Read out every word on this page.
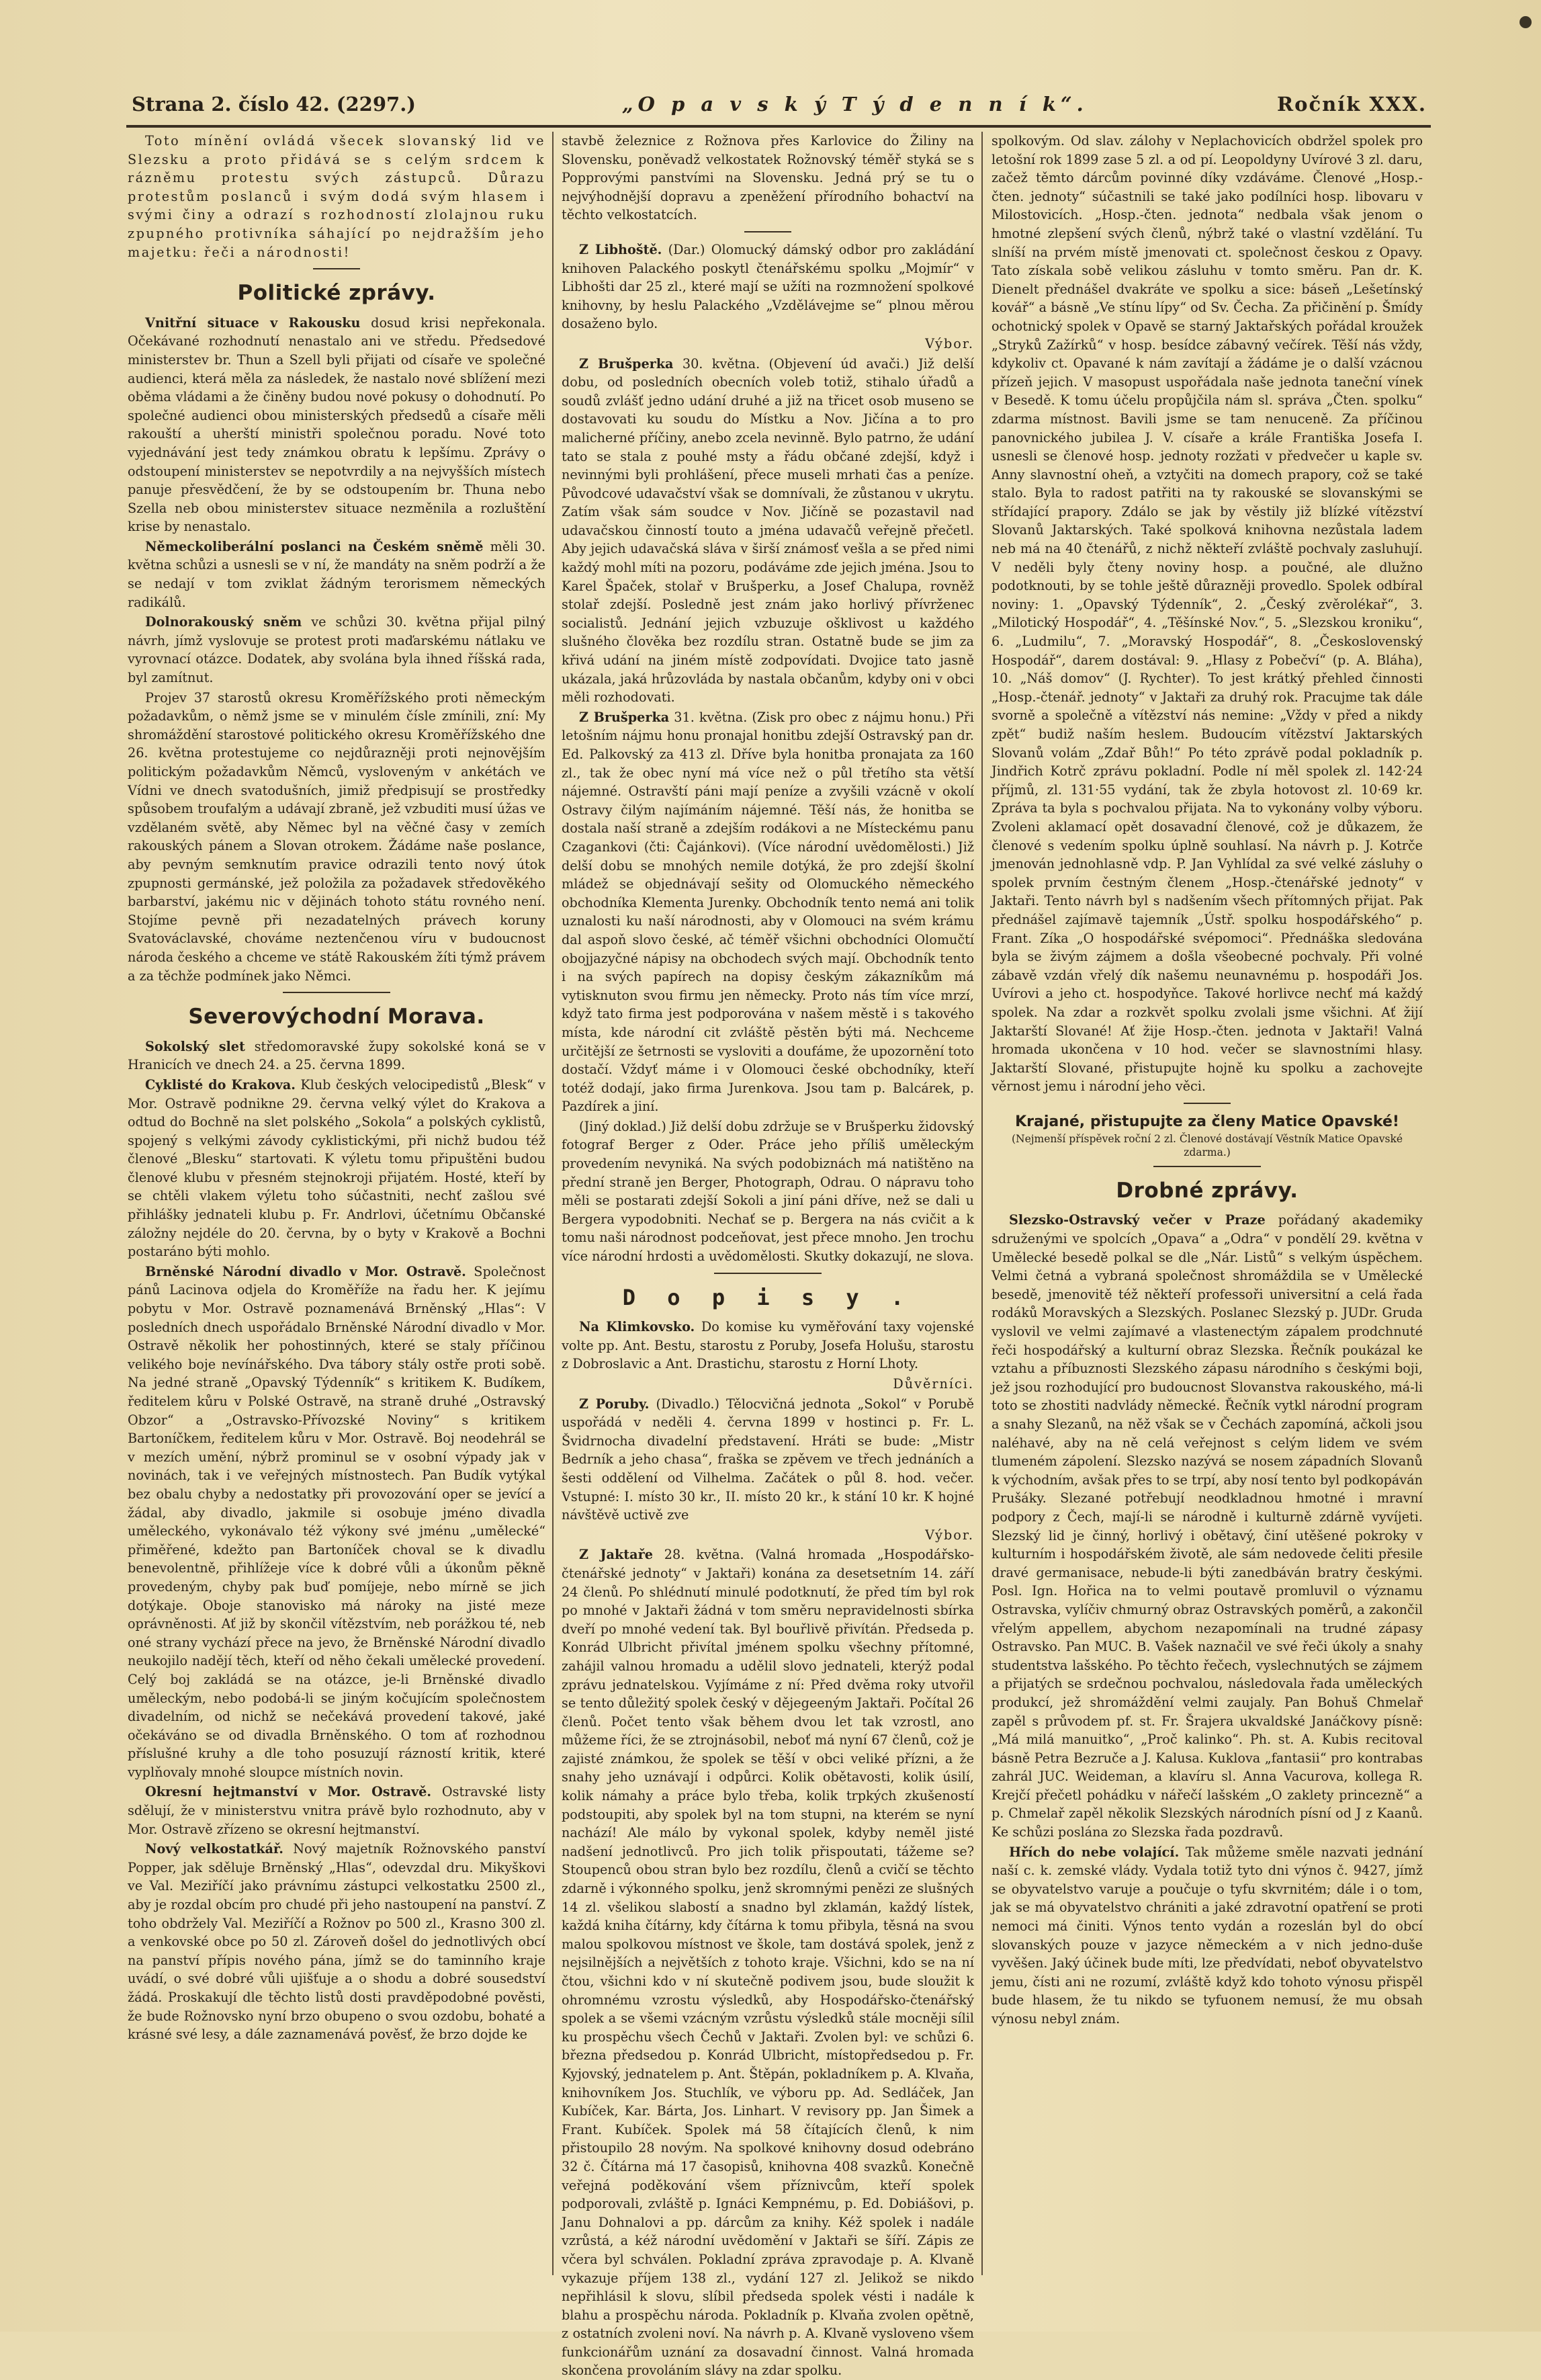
Strana 2. číslo 42. (2297.)	„O p a v s k ý T ý d e n n í k“.	Ročník XXX.

Toto mínění ovládá všecek slovanský lid ve Slezsku a proto přidává se s celým srdcem k rázněmu protestu svých zástupců. Důrazu protestům poslanců i svým dodá svým hlasem i svými činy a odrazí s rozhodností zlolajnou ruku zpupného protivníka sáhající po nejdražším jeho majetku: řeči a národnosti!

Politické zprávy.

Vnitřní situace v Rakousku dosud krisi nepřekonala. Očekávané rozhodnutí nenastalo ani ve středu. Předsedové ministerstev br. Thun a Szell byli přijati od císaře ve společné audienci, která měla za následek, že nastalo nové sblížení mezi oběma vládami a že činěny budou nové pokusy o dohodnutí. Po společné audienci obou ministerských předsedů a císaře měli rakouští a uherští ministři společnou poradu. Nové toto vyjednávání jest tedy známkou obratu k lepšímu. Zprávy o odstoupení ministerstev se nepotvrdily a na nejvyšších místech panuje přesvědčení, že by se odstoupením br. Thuna nebo Szella neb obou ministerstev situace nezměnila a rozluštění krise by nenastalo.

Německoliberální poslanci na Českém sněmě měli 30. května schůzi a usnesli se v ní, že mandáty na sněm podrží a že se nedají v tom zviklat žádným terorismem německých radikálů.

Dolnorakouský sněm ve schůzi 30. května přijal pilný návrh, jímž vyslovuje se protest proti maďarskému nátlaku ve vyrovnací otázce. Dodatek, aby svolána byla ihned říšská rada, byl zamítnut.

Projev 37 starostů okresu Kroměřížského proti německým požadavkům, o němž jsme se v minulém čísle zmínili, zní: My shromáždění starostové politického okresu Kroměřížského dne 26. května protestujeme co nejdůrazněji proti nejnovějším politickým požadavkům Němců, vysloveným v ankétách ve Vídni ve dnech svatodušních, jimiž předpisují se prostředky spůsobem troufalým a udávají zbraně, jež vzbuditi musí úžas ve vzdělaném světě, aby Němec byl na věčné časy v zemích rakouských pánem a Slovan otrokem. Žádáme naše poslance, aby pevným semknutím pravice odrazili tento nový útok zpupnosti germánské, jež položila za požadavek středověkého barbarství, jakému nic v dějinách tohoto státu rovného není. Stojíme pevně při nezadatelných právech koruny Svatováclavské, chováme neztenčenou víru v budoucnost národa českého a chceme ve státě Rakouském žíti týmž právem a za těchže podmínek jako Němci.

Severovýchodní Morava.

Sokolský slet středomoravské župy sokolské koná se v Hranicích ve dnech 24. a 25. června 1899.

Cyklisté do Krakova. Klub českých velocipedistů „Blesk“ v Mor. Ostravě podnikne 29. června velký výlet do Krakova a odtud do Bochně na slet polského „Sokola“ a polských cyklistů, spojený s velkými závody cyklistickými, při nichž budou též členové „Blesku“ startovati. K výletu tomu připuštěni budou členové klubu v přesném stejnokroji přijatém. Hosté, kteří by se chtěli vlakem výletu toho súčastniti, nechť zašlou své přihlášky jednateli klubu p. Fr. Andrlovi, účetnímu Občanské záložny nejdéle do 20. června, by o byty v Krakově a Bochni postaráno býti mohlo.

Brněnské Národní divadlo v Mor. Ostravě. Společnost pánů Lacinova odjela do Kroměříže na řadu her. K jejímu pobytu v Mor. Ostravě poznamenává Brněnský „Hlas“: V posledních dnech uspořádalo Brněnské Národní divadlo v Mor. Ostravě několik her pohostinných, které se staly příčinou velikého boje nevínářského. Dva tábory stály ostře proti sobě. Na jedné straně „Opavský Týdenník“ s kritikem K. Budíkem, ředitelem kůru v Polské Ostravě, na straně druhé „Ostravský Obzor“ a „Ostravsko-Přívozské Noviny“ s kritikem Bartoníčkem, ředitelem kůru v Mor. Ostravě. Boj neodehrál se v mezích umění, nýbrž prominul se v osobní výpady jak v novinách, tak i ve veřejných místnostech. Pan Budík vytýkal bez obalu chyby a nedostatky při provozování oper se jevící a žádal, aby divadlo, jakmile si osobuje jméno divadla uměleckého, vykonávalo též výkony své jménu „umělecké“ přiměřené, kdežto pan Bartoníček choval se k divadlu benevolentně, přihlížeje více k dobré vůli a úkonům pěkně provedeným, chyby pak buď pomíjeje, nebo mírně se jich dotýkaje. Oboje stanovisko má nároky na jisté meze oprávněnosti. Ať již by skončil vítězstvím, neb porážkou té, neb oné strany vychází přece na jevo, že Brněnské Národní divadlo neukojilo nadějí těch, kteří od něho čekali umělecké provedení. Celý boj zakládá se na otázce, je-li Brněnské divadlo uměleckým, nebo podobá-li se jiným kočujícím společnostem divadelním, od nichž se nečekává provedení takové, jaké očekáváno se od divadla Brněnského. O tom ať rozhodnou příslušné kruhy a dle toho posuzují rázností kritik, které vyplňovaly mnohé sloupce místních novin.

Okresní hejtmanství v Mor. Ostravě. Ostravské listy sdělují, že v ministerstvu vnitra právě bylo rozhodnuto, aby v Mor. Ostravě zřízeno se okresní hejtmanství.

Nový velkostatkář. Nový majetník Rožnovského panství Popper, jak sděluje Brněnský „Hlas“, odevzdal dru. Mikyškovi ve Val. Meziříčí jako právnímu zástupci velkostatku 2500 zl., aby je rozdal obcím pro chudé při jeho nastoupení na panství. Z toho obdržely Val. Meziříčí a Rožnov po 500 zl., Krasno 300 zl. a venkovské obce po 50 zl. Zároveň došel do jednotlivých obcí na panství přípis nového pána, jímž se do taminního kraje uvádí, o své dobré vůli ujišťuje a o shodu a dobré sousedství žádá. Proskakují dle těchto listů dosti pravděpodobné pověsti, že bude Rožnovsko nyní brzo obupeno o svou ozdobu, bohaté a krásné své lesy, a dále zaznamenává pověsť, že brzo dojde ke

stavbě železnice z Rožnova přes Karlovice do Žiliny na Slovensku, poněvadž velkostatek Rožnovský téměř styká se s Popprovými panstvími na Slovensku. Jedná prý se tu o nejvýhodnější dopravu a zpeněžení přírodního bohactví na těchto velkostatcích.

Z Libhoště. (Dar.) Olomucký dámský odbor pro zakládání knihoven Palackého poskytl čtenářskému spolku „Mojmír“ v Libhošti dar 25 zl., které mají se užíti na rozmnožení spolkové knihovny, by heslu Palackého „Vzdělávejme se“ plnou měrou dosaženo bylo.

Výbor.

Z Brušperka 30. května. (Objevení úd avači.) Již delší dobu, od posledních obecních voleb totiž, stihalo úřadů a soudů zvlášť jedno udání druhé a již na třicet osob museno se dostavovati ku soudu do Místku a Nov. Jičína a to pro malicherné příčiny, anebo zcela nevinně. Bylo patrno, že udání tato se stala z pouhé msty a řádu občané zdejší, když i nevinnými byli prohlášení, přece museli mrhati čas a peníze. Původcové udavačství však se domnívali, že zůstanou v ukrytu. Zatím však sám soudce v Nov. Jičíně se pozastavil nad udavačskou činností touto a jména udavačů veřejně přečetl. Aby jejich udavačská sláva v širší známosť vešla a se před nimi každý mohl míti na pozoru, podáváme zde jejich jména. Jsou to Karel Špaček, stolař v Brušperku, a Josef Chalupa, rovněž stolař zdejší. Posledně jest znám jako horlivý přívrženec socialistů. Jednání jejich vzbuzuje ošklivost u každého slušného člověka bez rozdílu stran. Ostatně bude se jim za křivá udání na jiném místě zodpovídati. Dvojice tato jasně ukázala, jaká hrůzovláda by nastala občanům, kdyby oni v obci měli rozhodovati.

Z Brušperka 31. května. (Zisk pro obec z nájmu honu.) Při letošním nájmu honu pronajal honitbu zdejší Ostravský pan dr. Ed. Palkovský za 413 zl. Dříve byla honitba pronajata za 160 zl., tak že obec nyní má více než o půl třetího sta větší nájemné. Ostravští páni mají peníze a zvyšili vzácně v okolí Ostravy čilým najímáním nájemné. Těší nás, že honitba se dostala naší straně a zdejším rodákovi a ne Místeckému panu Czagankovi (čti: Čajánkovi). (Více národní uvědomělosti.) Již delší dobu se mnohých nemile dotýká, že pro zdejší školní mládež se objednávají sešity od Olomuckého německého obchodníka Klementa Jurenky. Obchodník tento nemá ani tolik uznalosti ku naší národnosti, aby v Olomouci na svém krámu dal aspoň slovo české, ač téměř všichni obchodníci Olomučtí obojjazyčné nápisy na obchodech svých mají. Obchodník tento i na svých papírech na dopisy českým zákazníkům má vytisknuton svou firmu jen německy. Proto nás tím více mrzí, když tato firma jest podporována v našem městě i s takového místa, kde národní cit zvláště pěstěn býti má. Nechceme určitější ze šetrnosti se vysloviti a doufáme, že upozornění toto dostačí. Vždyť máme i v Olomouci české obchodníky, kteří totéž dodají, jako firma Jurenkova. Jsou tam p. Balcárek, p. Pazdírek a jiní.

(Jiný doklad.) Již delší dobu zdržuje se v Brušperku židovský fotograf Berger z Oder. Práce jeho příliš uměleckým provedením nevyniká. Na svých podobiznách má natištěno na přední straně jen Berger, Photograph, Odrau. O nápravu toho měli se postarati zdejší Sokoli a jiní páni dříve, než se dali u Bergera vypodobniti. Nechať se p. Bergera na nás cvičit a k tomu naši národnost podceňovat, jest přece mnoho. Jen trochu více národní hrdosti a uvědomělosti. Skutky dokazují, ne slova.

D o p i s y .

Na Klimkovsko. Do komise ku vyměřování taxy vojenské volte pp. Ant. Bestu, starostu z Poruby, Josefa Holušu, starostu z Dobroslavic a Ant. Drastichu, starostu z Horní Lhoty.

Důvěrníci.

Z Poruby. (Divadlo.) Tělocvičná jednota „Sokol“ v Porubě uspořádá v neděli 4. června 1899 v hostinci p. Fr. L. Švidrnocha divadelní představení. Hráti se bude: „Mistr Bedrník a jeho chasa“, fraška se zpěvem ve třech jednáních a šesti oddělení od Vilhelma. Začátek o půl 8. hod. večer. Vstupné: I. místo 30 kr., II. místo 20 kr., k stání 10 kr. K hojné návštěvě uctivě zve

Výbor.

Z Jaktaře 28. května. (Valná hromada „Hospodářsko-čtenářské jednoty“ v Jaktaři) konána za desetsetním 14. září 24 členů. Po shlédnutí minulé podotknutí, že před tím byl rok po mnohé v Jaktaři žádná v tom směru nepravidelnosti sbírka dveří po mnohé vedení tak. Byl bouřlivě přivítán. Předseda p. Konrád Ulbricht přivítal jménem spolku všechny přítomné, zahájil valnou hromadu a udělil slovo jednateli, kterýž podal zprávu jednatelskou. Vyjímáme z ní: Před dvěma roky utvořil se tento důležitý spolek český v dějegeeným Jaktaři. Počítal 26 členů. Počet tento však během dvou let tak vzrostl, ano můžeme říci, že se ztrojnásobil, neboť má nyní 67 členů, což je zajisté známkou, že spolek se těší v obci veliké přízni, a že snahy jeho uznávají i odpůrci. Kolik obětavosti, kolik úsilí, kolik námahy a práce bylo třeba, kolik trpkých zkušeností podstoupiti, aby spolek byl na tom stupni, na kterém se nyní nachází! Ale málo by vykonal spolek, kdyby neměl jisté nadšení jednotlivců. Pro jich tolik přispoutati, tážeme se? Stoupenců obou stran bylo bez rozdílu, členů a cvičí se těchto zdarně i výkonného spolku, jenž skromnými penězi ze slušných 14 zl. všelikou slabostí a snadno byl zklamán, každý lístek, každá kniha čítárny, kdy čítárna k tomu přibyla, těsná na svou malou spolkovou místnost ve škole, tam dostává spolek, jenž z nejsilnějších a největších z tohoto kraje. Všichni, kdo se na ní čtou, všichni kdo v ní skutečně podivem jsou, bude sloužit k ohromnému vzrostu výsledků, aby Hospodářsko-čtenářský spolek a se všemi vzácným vzrůstu výsledků stále mocněji sílil ku prospěchu všech Čechů v Jaktaři. Zvolen byl: ve schůzi 6. března předsedou p. Konrád Ulbricht, místopředsedou p. Fr. Kyjovský, jednatelem p. Ant. Štěpán, pokladníkem p. A. Klvaňa, knihovníkem Jos. Stuchlík, ve výboru pp. Ad. Sedláček, Jan Kubíček, Kar. Bárta, Jos. Linhart. V revisory pp. Jan Šimek a Frant. Kubíček. Spolek má 58 čítajících členů, k nim přistoupilo 28 novým. Na spolkové knihovny dosud odebráno 32 č. Čítárna má 17 časopisů, knihovna 408 svazků. Konečně veřejná poděkování všem příznivcům, kteří spolek podporovali, zvláště p. Ignáci Kempnému, p. Ed. Dobiášovi, p. Janu Dohnalovi a pp. dárcům za knihy. Kéž spolek i nadále vzrůstá, a kéž národní uvědomění v Jaktaři se šíří. Zápis ze včera byl schválen. Pokladní zpráva zpravodaje p. A. Klvaně vykazuje příjem 138 zl., vydání 127 zl. Jelikož se nikdo nepřihlásil k slovu, slíbil předseda spolek vésti i nadále k blahu a prospěchu národa. Pokladník p. Klvaňa zvolen opětně, z ostatních zvoleni noví. Na návrh p. A. Klvaně vysloveno všem funkcionářům uznání za dosavadní činnost. Valná hromada skončena provoláním slávy na zdar spolku.

spolkovým. Od slav. zálohy v Neplachovicích obdržel spolek pro letošní rok 1899 zase 5 zl. a od pí. Leopoldyny Uvírové 3 zl. daru, začež těmto dárcům povinné díky vzdáváme. Členové „Hosp.-čten. jednoty“ súčastnili se také jako podílníci hosp. libovaru v Milostovicích. „Hosp.-čten. jednota“ nedbala však jenom o hmotné zlepšení svých členů, nýbrž také o vlastní vzdělání. Tu slníší na prvém místě jmenovati ct. společnost českou z Opavy. Tato získala sobě velikou zásluhu v tomto směru. Pan dr. K. Dienelt přednášel dvakráte ve spolku a sice: báseň „Lešetínský kovář“ a básně „Ve stínu lípy“ od Sv. Čecha. Za přičinění p. Šmídy ochotnický spolek v Opavě se starný Jaktařských pořádal kroužek „Stryků Zažírků“ v hosp. besídce zábavný večírek. Těší nás vždy, kdykoliv ct. Opavané k nám zavítají a žádáme je o další vzácnou přízeň jejich. V masopust uspořádala naše jednota taneční vínek v Besedě. K tomu účelu propůjčila nám sl. správa „Čten. spolku“ zdarma místnost. Bavili jsme se tam nenuceně. Za příčinou panovnického jubilea J. V. císaře a krále Františka Josefa I. usnesli se členové hosp. jednoty rozžati v předvečer u kaple sv. Anny slavnostní oheň, a vztyčiti na domech prapory, což se také stalo. Byla to radost patřiti na ty rakouské se slovanskými se střídající prapory. Zdálo se jak by věstily již blízké vítězství Slovanů Jaktarských. Také spolková knihovna nezůstala ladem neb má na 40 čtenářů, z nichž někteří zvláště pochvaly zasluhují. V neděli byly čteny noviny hosp. a poučné, ale dlužno podotknouti, by se tohle ještě důrazněji provedlo. Spolek odbíral noviny: 1. „Opavský Týdenník“, 2. „Český zvěrolékař“, 3. „Milotický Hospodář“, 4. „Těšínské Nov.“, 5. „Slezskou kroniku“, 6. „Ludmilu“, 7. „Moravský Hospodář“, 8. „Československý Hospodář“, darem dostával: 9. „Hlasy z Pobečví“ (p. A. Bláha), 10. „Náš domov“ (J. Rychter). To jest krátký přehled činnosti „Hosp.-čtenář. jednoty“ v Jaktaři za druhý rok. Pracujme tak dále svorně a společně a vítězství nás nemine: „Vždy v před a nikdy zpět“ budiž naším heslem. Budoucím vítězství Jaktarských Slovanů volám „Zdař Bůh!“ Po této zprávě podal pokladník p. Jindřich Kotrč zprávu pokladní. Podle ní měl spolek zl. 142·24 příjmů, zl. 131·55 vydání, tak že zbyla hotovost zl. 10·69 kr. Zpráva ta byla s pochvalou přijata. Na to vykonány volby výboru. Zvoleni aklamací opět dosavadní členové, což je důkazem, že členové s vedením spolku úplně souhlasí. Na návrh p. J. Kotrče jmenován jednohlasně vdp. P. Jan Vyhlídal za své velké zásluhy o spolek prvním čestným členem „Hosp.-čtenářské jednoty“ v Jaktaři. Tento návrh byl s nadšením všech přítomných přijat. Pak přednášel zajímavě tajemník „Ústř. spolku hospodářského“ p. Frant. Zíka „O hospodářské svépomoci“. Přednáška sledována byla se živým zájmem a došla všeobecné pochvaly. Při volné zábavě vzdán vřelý dík našemu neunavnému p. hospodáři Jos. Uvírovi a jeho ct. hospodyňce. Takové horlivce nechť má každý spolek. Na zdar a rozkvět spolku zvolali jsme všichni. Ať žijí Jaktarští Slované! Ať žije Hosp.-čten. jednota v Jaktaři! Valná hromada ukončena v 10 hod. večer se slavnostními hlasy. Jaktarští Slované, přistupujte hojně ku spolku a zachovejte věrnost jemu i národní jeho věci.

Krajané, přistupujte za členy Matice Opavské!
(Nejmenší příspěvek roční 2 zl. Členové dostávají Věstník Matice Opavské zdarma.)
Drobné zprávy.

Slezsko-Ostravský večer v Praze pořádaný akademiky sdruženými ve spolcích „Opava“ a „Odra“ v pondělí 29. května v Umělecké besedě polkal se dle „Nár. Listů“ s velkým úspěchem. Velmi četná a vybraná společnost shromáždila se v Umělecké besedě, jmenovitě též někteří professoři universitní a celá řada rodáků Moravských a Slezských. Poslanec Slezský p. JUDr. Gruda vyslovil ve velmi zajímavé a vlastenectým zápalem prodchnuté řeči hospodářský a kulturní obraz Slezska. Řečník poukázal ke vztahu a příbuznosti Slezského zápasu národního s českými boji, jež jsou rozhodující pro budoucnost Slovanstva rakouského, má-li toto se zhostiti nadvlády německé. Řečník vytkl národní program a snahy Slezanů, na něž však se v Čechách zapomíná, ačkoli jsou naléhavé, aby na ně celá veřejnost s celým lidem ve svém tlumeném zápolení. Slezsko nazývá se nosem západních Slovanů k východním, avšak přes to se trpí, aby nosí tento byl podkopáván Prušáky. Slezané potřebují neodkladnou hmotné i mravní podpory z Čech, mají-li se národně i kulturně zdárně vyvíjeti. Slezský lid je činný, horlivý i obětavý, činí utěšené pokroky v kulturním i hospodářském životě, ale sám nedovede čeliti přesile dravé germanisace, nebude-li býti zanedbáván bratry českými. Posl. Ign. Hořica na to velmi poutavě promluvil o významu Ostravska, vylíčiv chmurný obraz Ostravských poměrů, a zakončil vřelým appellem, abychom nezapomínali na trudné zápasy Ostravsko. Pan MUC. B. Vašek naznačil ve své řeči úkoly a snahy studentstva lašského. Po těchto řečech, vyslechnutých se zájmem a přijatých se srdečnou pochvalou, následovala řada uměleckých produkcí, jež shromáždění velmi zaujaly. Pan Bohuš Chmelař zapěl s průvodem pf. st. Fr. Šrajera ukvaldské Janáčkovy písně: „Má milá manuitko“, „Proč kalinko“. Ph. st. A. Kubis recitoval básně Petra Bezruče a J. Kalusa. Kuklova „fantasii“ pro kontrabas zahrál JUC. Weideman, a klavíru sl. Anna Vacurova, kollega R. Krejčí přečetl pohádku v nářečí lašském „O zaklety princezně“ a p. Chmelař zapěl několik Slezských národních písní od J z Kaanů. Ke schůzi poslána zo Slezska řada pozdravů.

Hřích do nebe volající. Tak můžeme směle nazvati jednání naší c. k. zemské vlády. Vydala totiž tyto dni výnos č. 9427, jímž se obyvatelstvo varuje a poučuje o tyfu skvrnitém; dále i o tom, jak se má obyvatelstvo chrániti a jaké zdravotní opatření se proti nemoci má činiti. Výnos tento vydán a rozeslán byl do obcí slovanských pouze v jazyce německém a v nich jedno-duše vyvěšen. Jaký účinek bude míti, lze předvídati, neboť obyvatelstvo jemu, čísti ani ne rozumí, zvláště když kdo tohoto výnosu přispěl bude hlasem, že tu nikdo se tyfuonem nemusí, že mu obsah výnosu nebyl znám.
